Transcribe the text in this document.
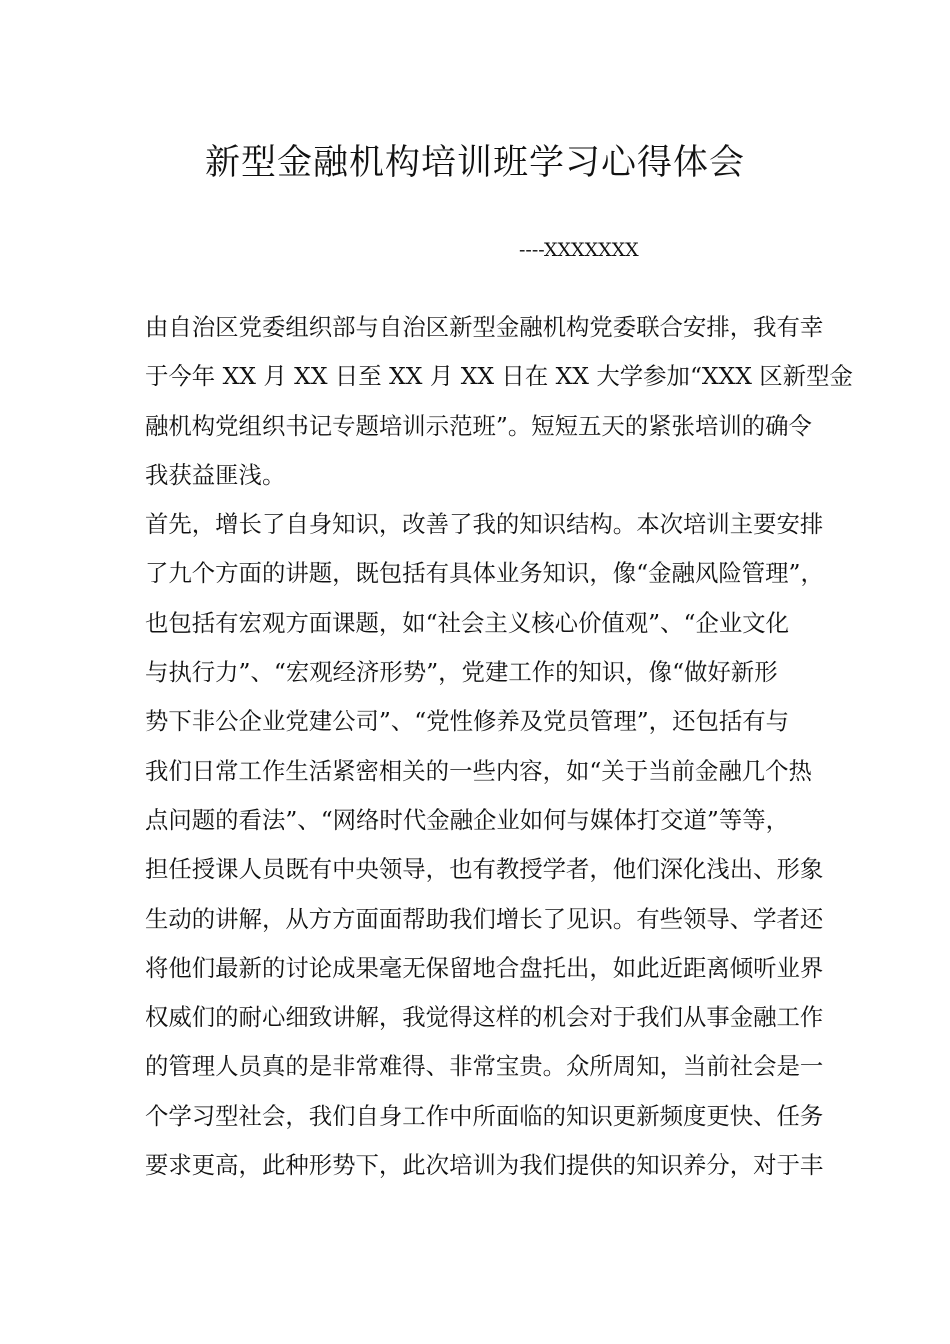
新型金融机构培训班学习心得体会

----XXXXXXX

由自治区党委组织部与自治区新型金融机构党委联合安排，我有幸
于今年 XX 月 XX 日至 XX 月 XX 日在 XX 大学参加“XXX 区新型金
融机构党组织书记专题培训示范班”。短短五天的紧张培训的确令
我获益匪浅。
首先，增长了自身知识，改善了我的知识结构。本次培训主要安排
了九个方面的讲题，既包括有具体业务知识，像“金融风险管理”，
也包括有宏观方面课题，如“社会主义核心价值观”、“企业文化
与执行力”、“宏观经济形势”，党建工作的知识，像“做好新形
势下非公企业党建公司”、“党性修养及党员管理”，还包括有与
我们日常工作生活紧密相关的一些内容，如“关于当前金融几个热
点问题的看法”、“网络时代金融企业如何与媒体打交道”等等，
担任授课人员既有中央领导，也有教授学者，他们深化浅出、形象
生动的讲解，从方方面面帮助我们增长了见识。有些领导、学者还
将他们最新的讨论成果毫无保留地合盘托出，如此近距离倾听业界
权威们的耐心细致讲解，我觉得这样的机会对于我们从事金融工作
的管理人员真的是非常难得、非常宝贵。众所周知，当前社会是一
个学习型社会，我们自身工作中所面临的知识更新频度更快、任务
要求更高，此种形势下，此次培训为我们提供的知识养分，对于丰
